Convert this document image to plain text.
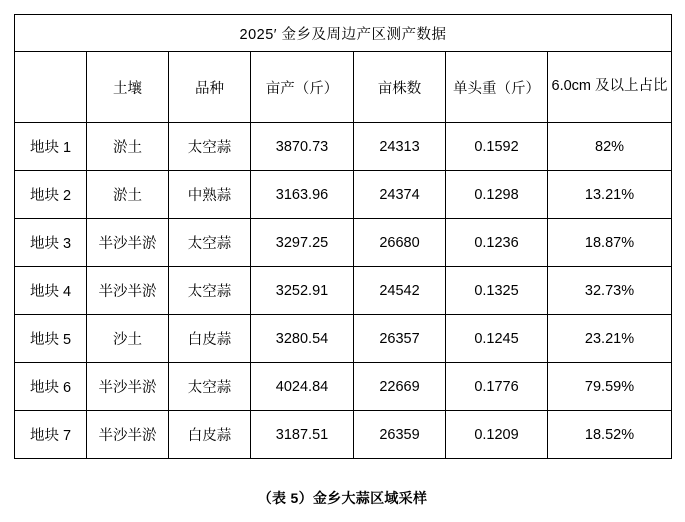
2025′ 金乡及周边产区测产数据						
	土壤	品种	亩产（斤）	亩株数	单头重（斤）	6.0cm 及以上占比
地块 1	淤土	太空蒜	3870.73	24313	0.1592	82%
地块 2	淤土	中熟蒜	3163.96	24374	0.1298	13.21%
地块 3	半沙半淤	太空蒜	3297.25	26680	0.1236	18.87%
地块 4	半沙半淤	太空蒜	3252.91	24542	0.1325	32.73%
地块 5	沙土	白皮蒜	3280.54	26357	0.1245	23.21%
地块 6	半沙半淤	太空蒜	4024.84	22669	0.1776	79.59%
地块 7	半沙半淤	白皮蒜	3187.51	26359	0.1209	18.52%
（表 5）金乡大蒜区域采样
